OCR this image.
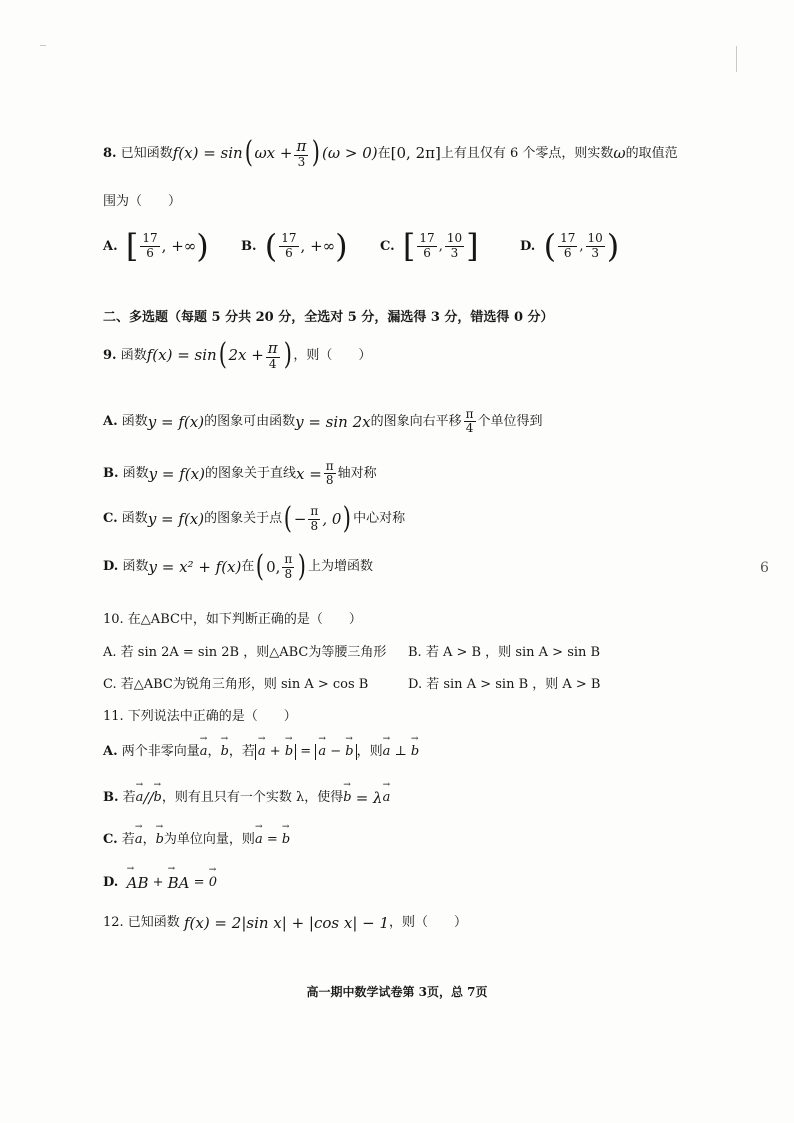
6
8.
已知函数 f(x) = sin ( $\omega x + \frac{\pi}{3}$ ) (ω > 0) 在 [0, 2π] 上有且仅有 6 个零点，则实数 ω 的取值范
围为（　　）
A.
[ $\frac{17}{6}$ , +∞ ) B.
( $\frac{17}{6}$ , +∞ ) C.
[ $\frac{17}{6}$ , $\frac{10}{3}$ ]	D.
( $\frac{17}{6}$ , $\frac{10}{3}$ )
二、多选题（每题 5 分共 20 分，全选对 5 分，漏选得 3 分，错选得 0 分）
9.
函数 f(x) = sin ( $2x + \frac{\pi}{4}$ ) ，则（　　）
A.
函数 y = f(x) 的图象可由函数 y = sin 2x 的图象向右平移 $\frac{\pi}{4}$ 个单位得到
B.
函数 y = f(x) 的图象关于直线 $x = \frac{\pi}{8}$ 轴对称
C.
函数 y = f(x) 的图象关于点 ( − $\frac{\pi}{8}$ , 0 ) 中心对称
D.
函数 y = x² + f(x) 在 ( 0, $\frac{\pi}{8}$ ) 上为增函数
10. 在△ABC中，如下判断正确的是（　　）
A. 若 sin 2A = sin 2B ，则△ABC为等腰三角形 B. 若 A > B ，则 sin A > sin B
C. 若△ABC为锐角三角形，则 sin A > cos B	D. 若 sin A > sin B ，则 A > B
11. 下列说法中正确的是（　　）
A.
两个非零向量 → a ， → b ，若 → a + → b = → a − → b ，则 → a
⊥
→ b
B.
若 → a // → b ，则有且只有一个实数 λ，使得 → b
= λ → a
C.
若 → a ， → b 为单位向量，则 → a
=
→ b
D.
→ AB
+
→ BA
=
→ 0
12. 已知函数
f(x) = 2|sin x| + |cos x| − 1 ，则（　　）
高一期中数学试卷第 3页，总 7页
